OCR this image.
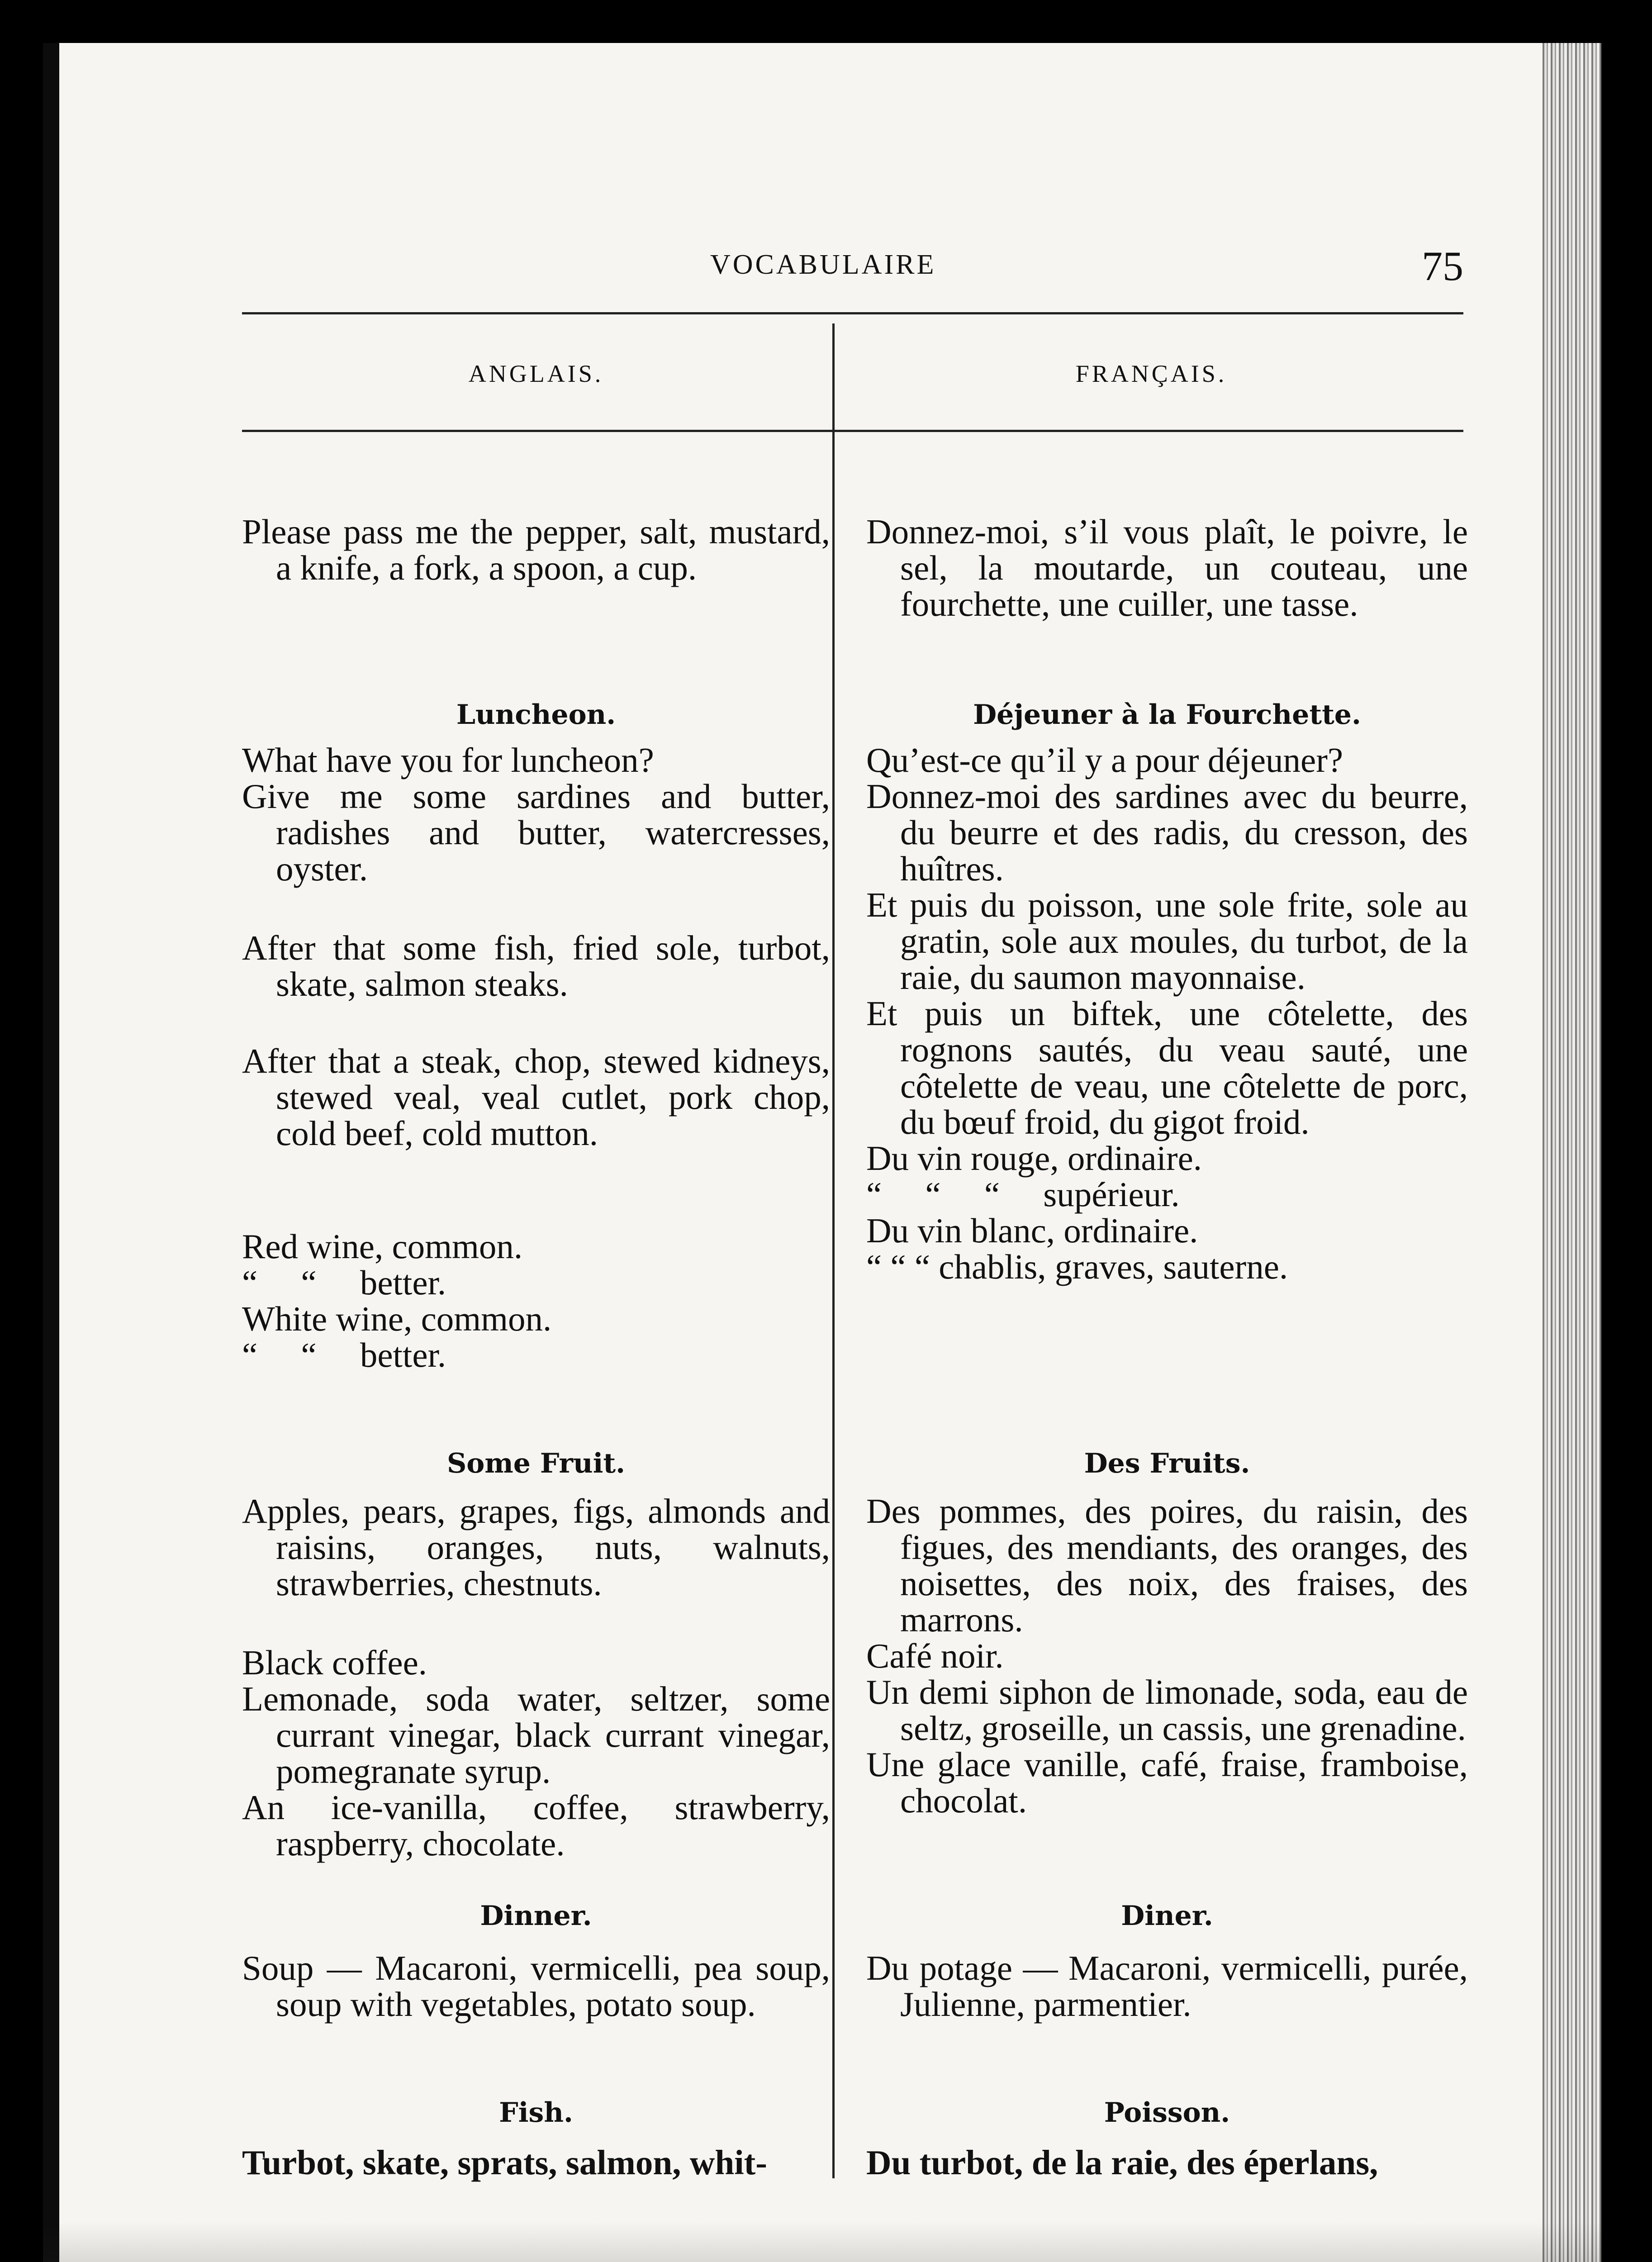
VOCABULAIRE	75
ANGLAIS.	FRANÇAIS.

Please pass me the pepper, salt, mustard, a knife, a fork, a spoon, a cup.

Luncheon.

What have you for luncheon?

Give me some sardines and butter, radishes and butter, watercresses, oyster.

After that some fish, fried sole, turbot, skate, salmon steaks.

After that a steak, chop, stewed kidneys, stewed veal, veal cutlet, pork chop, cold beef, cold mutton.

Red wine, common.

“     “     better.

White wine, common.

“     “     better.

Some Fruit.

Apples, pears, grapes, figs, almonds and raisins, oranges, nuts, walnuts, strawberries, chestnuts.

Black coffee.

Lemonade, soda water, seltzer, some currant vinegar, black currant vinegar, pomegranate syrup.

An ice-vanilla, coffee, strawberry, raspberry, chocolate.

Dinner.

Soup — Macaroni, vermicelli, pea soup, soup with vegetables, potato soup.

Fish.

Turbot, skate, sprats, salmon, whit-

Donnez-moi, s’il vous plaît, le poivre, le sel, la moutarde, un couteau, une fourchette, une cuiller, une tasse.

Déjeuner à la Fourchette.

Qu’est-ce qu’il y a pour déjeuner?

Donnez-moi des sardines avec du beurre, du beurre et des radis, du cresson, des huîtres.

Et puis du poisson, une sole frite, sole au gratin, sole aux moules, du turbot, de la raie, du saumon mayonnaise.

Et puis un biftek, une côtelette, des rognons sautés, du veau sauté, une côtelette de veau, une côtelette de porc, du bœuf froid, du gigot froid.

Du vin rouge, ordinaire.

“     “     “     supérieur.

Du vin blanc, ordinaire.

“ “ “ chablis, graves, sauterne.

Des Fruits.

Des pommes, des poires, du raisin, des figues, des mendiants, des oranges, des noisettes, des noix, des fraises, des marrons.

Café noir.

Un demi siphon de limonade, soda, eau de seltz, groseille, un cassis, une grenadine.

Une glace vanille, café, fraise, framboise, chocolat.

Diner.

Du potage — Macaroni, vermicelli, purée, Julienne, parmentier.

Poisson.

Du turbot, de la raie, des éperlans,
